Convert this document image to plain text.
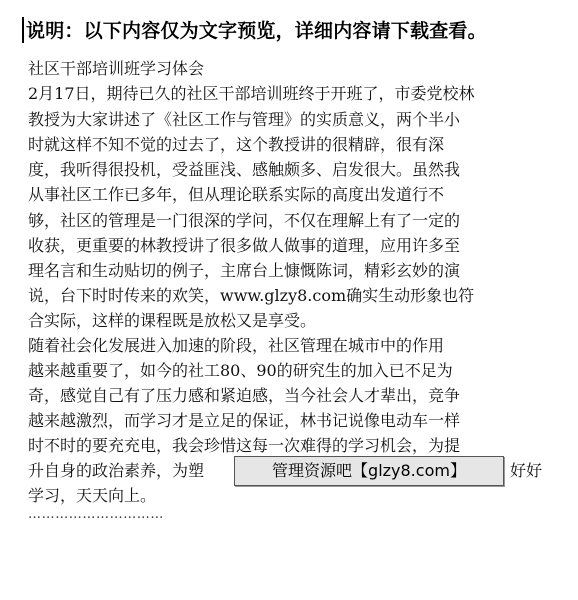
说明：以下内容仅为文字预览，详细内容请下载查看。
社区干部培训班学习体会
2月17日，期待已久的社区干部培训班终于开班了，市委党校林
教授为大家讲述了《社区工作与管理》的实质意义，两个半小
时就这样不知不觉的过去了，这个教授讲的很精辟，很有深
度，我听得很投机，受益匪浅、感触颇多、启发很大。虽然我
从事社区工作已多年，但从理论联系实际的高度出发道行不
够，社区的管理是一门很深的学问，不仅在理解上有了一定的
收获，更重要的林教授讲了很多做人做事的道理，应用许多至
理名言和生动贴切的例子，主席台上慷慨陈词，精彩玄妙的演
说，台下时时传来的欢笑，www.glzy8.com确实生动形象也符
合实际，这样的课程既是放松又是享受。
随着社会化发展进入加速的阶段，社区管理在城市中的作用
越来越重要了，如今的社工80、90的研究生的加入已不足为
奇，感觉自己有了压力感和紧迫感，当今社会人才辈出，竞争
越来越激烈，而学习才是立足的保证，林书记说像电动车一样
时不时的要充充电，我会珍惜这每一次难得的学习机会，为提
升自身的政治素养，为塑	好好
学习，天天向上。
…………………………
管理资源吧【glzy8.com】
